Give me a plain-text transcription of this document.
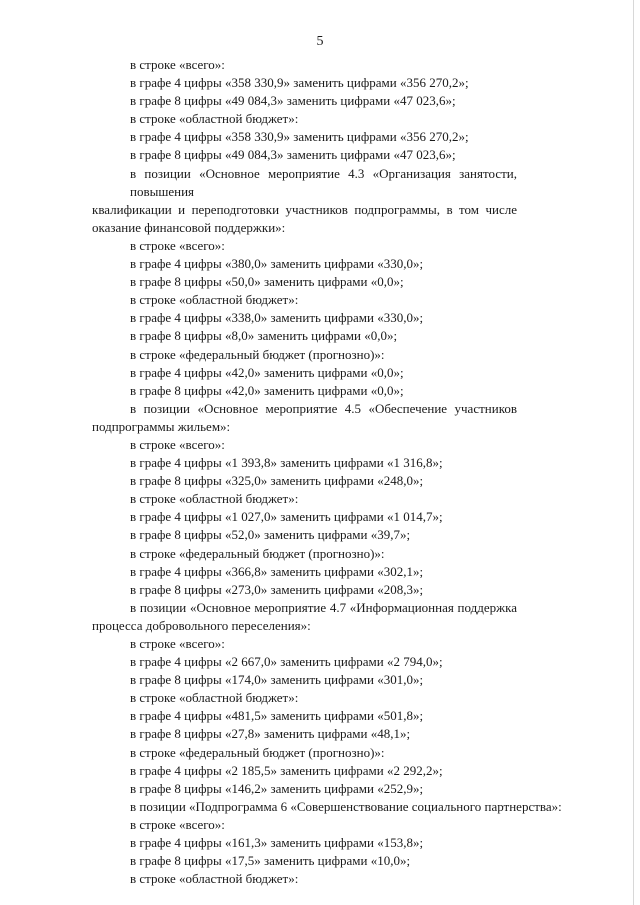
5
в строке «всего»:
в графе 4 цифры «358 330,9» заменить цифрами «356 270,2»;
в графе 8 цифры «49 084,3» заменить цифрами «47 023,6»;
в строке «областной бюджет»:
в графе 4 цифры «358 330,9» заменить цифрами «356 270,2»;
в графе 8 цифры «49 084,3» заменить цифрами «47 023,6»;
в позиции «Основное мероприятие 4.3 «Организация занятости, повышения
квалификации и переподготовки участников подпрограммы, в том числе
оказание финансовой поддержки»:
в строке «всего»:
в графе 4 цифры «380,0» заменить цифрами «330,0»;
в графе 8 цифры «50,0» заменить цифрами «0,0»;
в строке «областной бюджет»:
в графе 4 цифры «338,0» заменить цифрами «330,0»;
в графе 8 цифры «8,0» заменить цифрами «0,0»;
в строке «федеральный бюджет (прогнозно)»:
в графе 4 цифры «42,0» заменить цифрами «0,0»;
в графе 8 цифры «42,0» заменить цифрами «0,0»;
в позиции «Основное мероприятие 4.5 «Обеспечение участников
подпрограммы жильем»:
в строке «всего»:
в графе 4 цифры «1 393,8» заменить цифрами «1 316,8»;
в графе 8 цифры «325,0» заменить цифрами «248,0»;
в строке «областной бюджет»:
в графе 4 цифры «1 027,0» заменить цифрами «1 014,7»;
в графе 8 цифры «52,0» заменить цифрами «39,7»;
в строке «федеральный бюджет (прогнозно)»:
в графе 4 цифры «366,8» заменить цифрами «302,1»;
в графе 8 цифры «273,0» заменить цифрами «208,3»;
в позиции «Основное мероприятие 4.7 «Информационная поддержка
процесса добровольного переселения»:
в строке «всего»:
в графе 4 цифры «2 667,0» заменить цифрами «2 794,0»;
в графе 8 цифры «174,0» заменить цифрами «301,0»;
в строке «областной бюджет»:
в графе 4 цифры «481,5» заменить цифрами «501,8»;
в графе 8 цифры «27,8» заменить цифрами «48,1»;
в строке «федеральный бюджет (прогнозно)»:
в графе 4 цифры «2 185,5» заменить цифрами «2 292,2»;
в графе 8 цифры «146,2» заменить цифрами «252,9»;
в позиции «Подпрограмма 6 «Совершенствование социального партнерства»:
в строке «всего»:
в графе 4 цифры «161,3» заменить цифрами «153,8»;
в графе 8 цифры «17,5» заменить цифрами «10,0»;
в строке «областной бюджет»:
